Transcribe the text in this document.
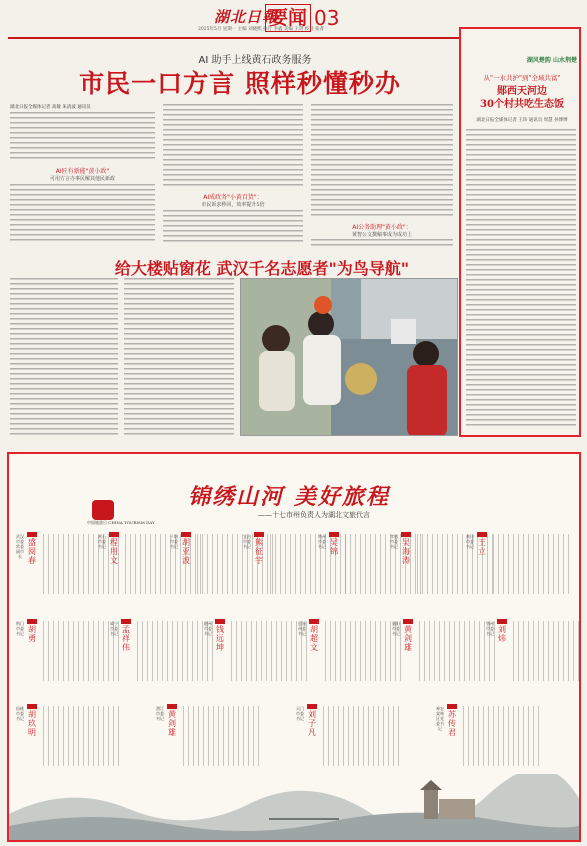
湖北日報
2025年5月 星期一 主编 刘晓熙 执行 李鑫 美编 王剑 校对 张菁
要闻 03
AI 助手上线黄石政务服务
市民一口方言 照样秒懂秒办
湖北日报全媒体记者 高敏 朱清波 通讯员
AI匠有新能"黄小政"
可用方言办事民解其他民新政
AI成政务"小黄百货"：
市民诉求秒回，效率提升5倍
AI公务助理"黄小政"：
黄智公文撰稿事成为成功上
给大楼贴窗花 武汉千名志愿者"为鸟导航"
湖风楚韵 山水荆楚
从"一水共护"到"全域共富"
郧西天河边
30个村共吃生态饭
湖北日报全媒体记者 王珍 通讯员 周慧 孙博博
中国旅游日 CHINA TOURISM DAY
锦绣山河 美好旅程
——十七市州负责人为湖北文旅代言
武汉市委常委副市长
盛阅春
黄石市委书记 程用文
十堰市委书记 胡亚波
宜昌市委书记 熊征宇
荆州市委书记 吴锦
孝感市委书记 吴海涛
黄冈市委书记 王立
荆门市委书记 胡勇
咸宁市委书记 孟祥伟
随州市委书记 钱远坤
恩施州委书记 胡超文
襄阳市委书记 黄剑雄
鄂州市委书记 刘炜
仙桃市委书记 胡玖明
潜江市委书记 黄剑雄
天门市委书记 刘子凡
神农架林区党委书记
苏传君
